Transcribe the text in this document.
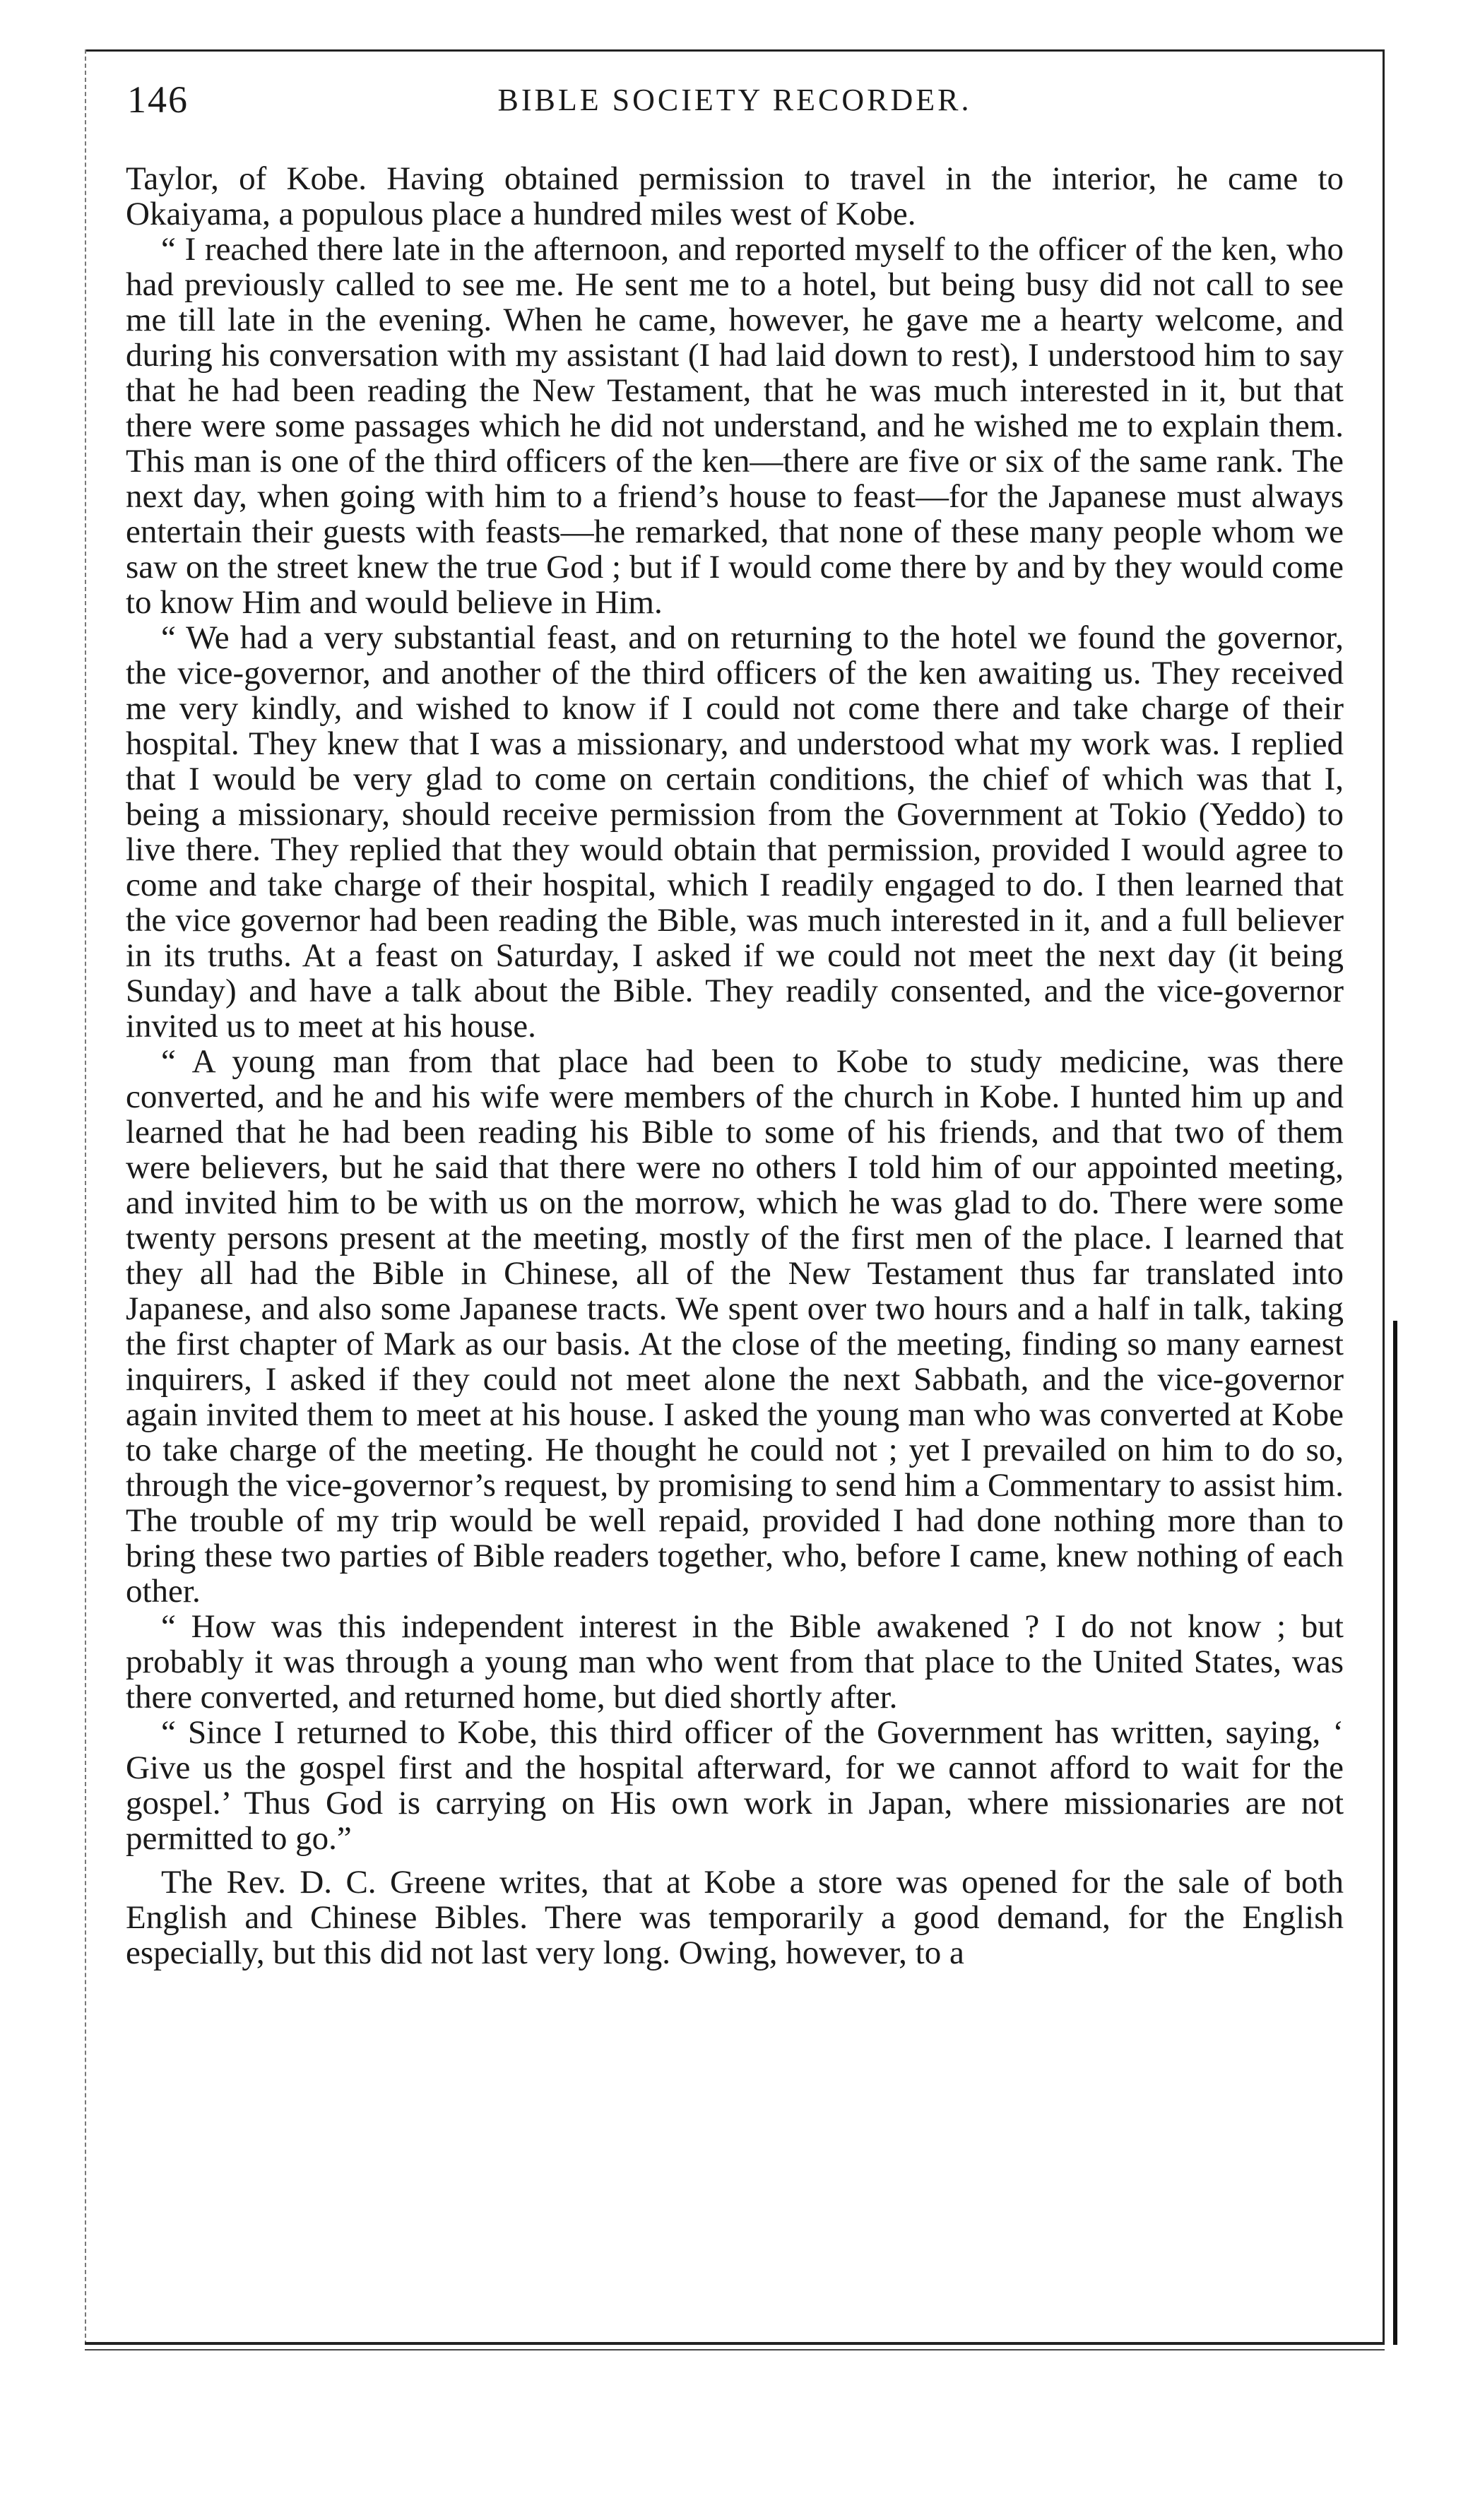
146	BIBLE SOCIETY RECORDER.

Taylor, of Kobe. Having obtained permission to travel in the interior, he came to Okaiyama, a populous place a hundred miles west of Kobe.

“ I reached there late in the afternoon, and reported myself to the officer of the ken, who had previously called to see me. He sent me to a hotel, but being busy did not call to see me till late in the evening. When he came, however, he gave me a hearty welcome, and during his conversation with my assistant (I had laid down to rest), I understood him to say that he had been reading the New Testament, that he was much interested in it, but that there were some passages which he did not understand, and he wished me to explain them. This man is one of the third officers of the ken—there are five or six of the same rank. The next day, when going with him to a friend’s house to feast—for the Japanese must always entertain their guests with feasts—he remarked, that none of these many people whom we saw on the street knew the true God ; but if I would come there by and by they would come to know Him and would believe in Him.

“ We had a very substantial feast, and on returning to the hotel we found the governor, the vice-governor, and another of the third officers of the ken awaiting us. They received me very kindly, and wished to know if I could not come there and take charge of their hospital. They knew that I was a missionary, and understood what my work was. I replied that I would be very glad to come on certain conditions, the chief of which was that I, being a missionary, should receive permission from the Government at Tokio (Yeddo) to live there. They replied that they would obtain that permission, provided I would agree to come and take charge of their hospital, which I readily engaged to do. I then learned that the vice governor had been reading the Bible, was much interested in it, and a full believer in its truths. At a feast on Saturday, I asked if we could not meet the next day (it being Sunday) and have a talk about the Bible. They readily consented, and the vice-governor invited us to meet at his house.

“ A young man from that place had been to Kobe to study medicine, was there converted, and he and his wife were members of the church in Kobe. I hunted him up and learned that he had been reading his Bible to some of his friends, and that two of them were believers, but he said that there were no others I told him of our appointed meeting, and invited him to be with us on the morrow, which he was glad to do. There were some twenty persons present at the meeting, mostly of the first men of the place. I learned that they all had the Bible in Chinese, all of the New Testament thus far translated into Japanese, and also some Japanese tracts. We spent over two hours and a half in talk, taking the first chapter of Mark as our basis. At the close of the meeting, finding so many earnest inquirers, I asked if they could not meet alone the next Sabbath, and the vice-governor again invited them to meet at his house. I asked the young man who was converted at Kobe to take charge of the meeting. He thought he could not ; yet I prevailed on him to do so, through the vice-governor’s request, by promising to send him a Commentary to assist him. The trouble of my trip would be well repaid, provided I had done nothing more than to bring these two parties of Bible readers together, who, before I came, knew nothing of each other.

“ How was this independent interest in the Bible awakened ? I do not know ; but probably it was through a young man who went from that place to the United States, was there converted, and returned home, but died shortly after.

“ Since I returned to Kobe, this third officer of the Government has written, saying, ‘ Give us the gospel first and the hospital afterward, for we cannot afford to wait for the gospel.’ Thus God is carrying on His own work in Japan, where missionaries are not permitted to go.”

The Rev. D. C. Greene writes, that at Kobe a store was opened for the sale of both English and Chinese Bibles. There was temporarily a good demand, for the English especially, but this did not last very long. Owing, however, to a
